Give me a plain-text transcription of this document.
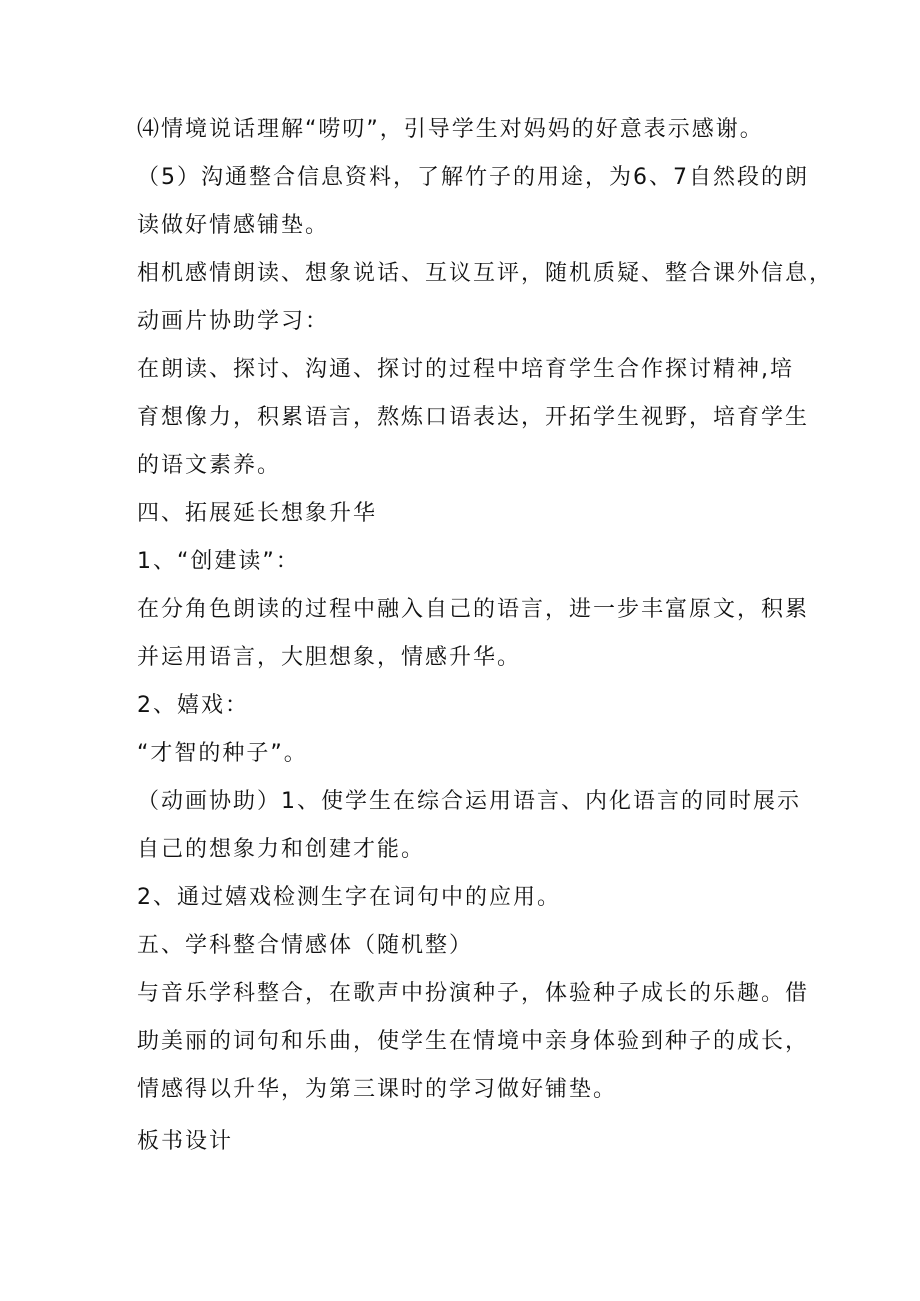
⑷情境说话理解“唠叨”，引导学生对妈妈的好意表示感谢。
（5）沟通整合信息资料，了解竹子的用途，为6、7自然段的朗
读做好情感铺垫。
相机感情朗读、想象说话、互议互评，随机质疑、整合课外信息，
动画片协助学习：
在朗读、探讨、沟通、探讨的过程中培育学生合作探讨精神,培
育想像力，积累语言，熬炼口语表达，开拓学生视野，培育学生
的语文素养。
四、拓展延长想象升华
1、“创建读”：
在分角色朗读的过程中融入自己的语言，进一步丰富原文，积累
并运用语言，大胆想象，情感升华。
2、嬉戏：
“才智的种子”。
（动画协助）1、使学生在综合运用语言、内化语言的同时展示
自己的想象力和创建才能。
2、通过嬉戏检测生字在词句中的应用。
五、学科整合情感体（随机整）
与音乐学科整合，在歌声中扮演种子，体验种子成长的乐趣。借
助美丽的词句和乐曲，使学生在情境中亲身体验到种子的成长，
情感得以升华，为第三课时的学习做好铺垫。
板书设计
